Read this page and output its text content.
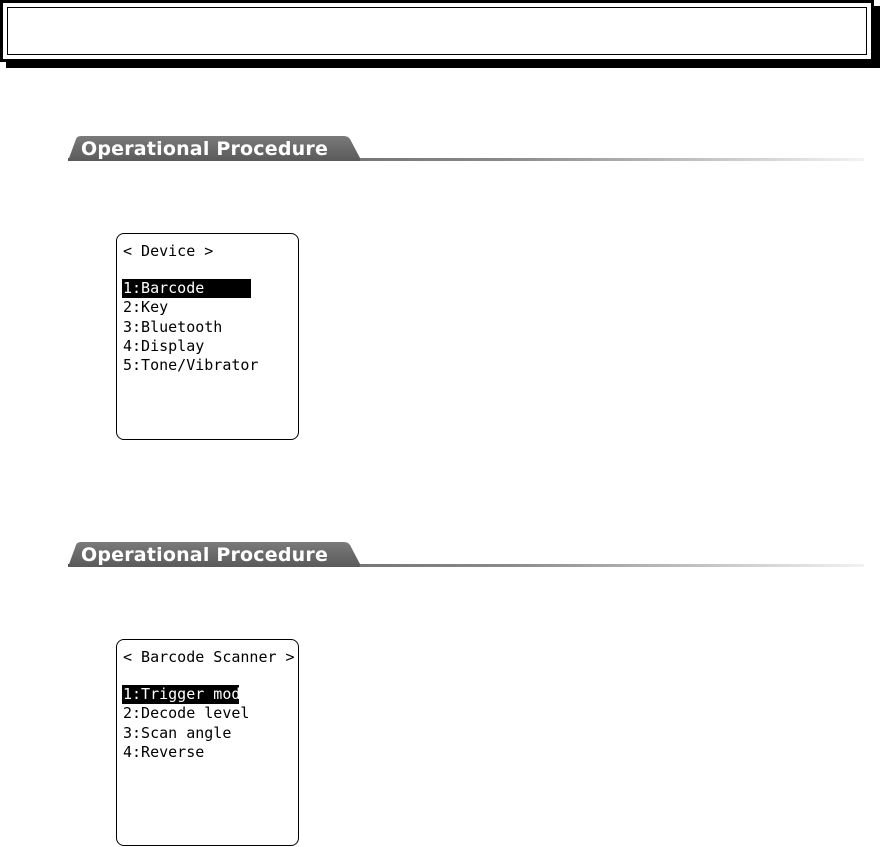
Operational Procedure
< Device >
1:Barcode
2:Key
3:Bluetooth
4:Display
5:Tone/Vibrator
Operational Procedure
< Barcode Scanner >
1:Trigger mode
2:Decode level
3:Scan angle
4:Reverse
